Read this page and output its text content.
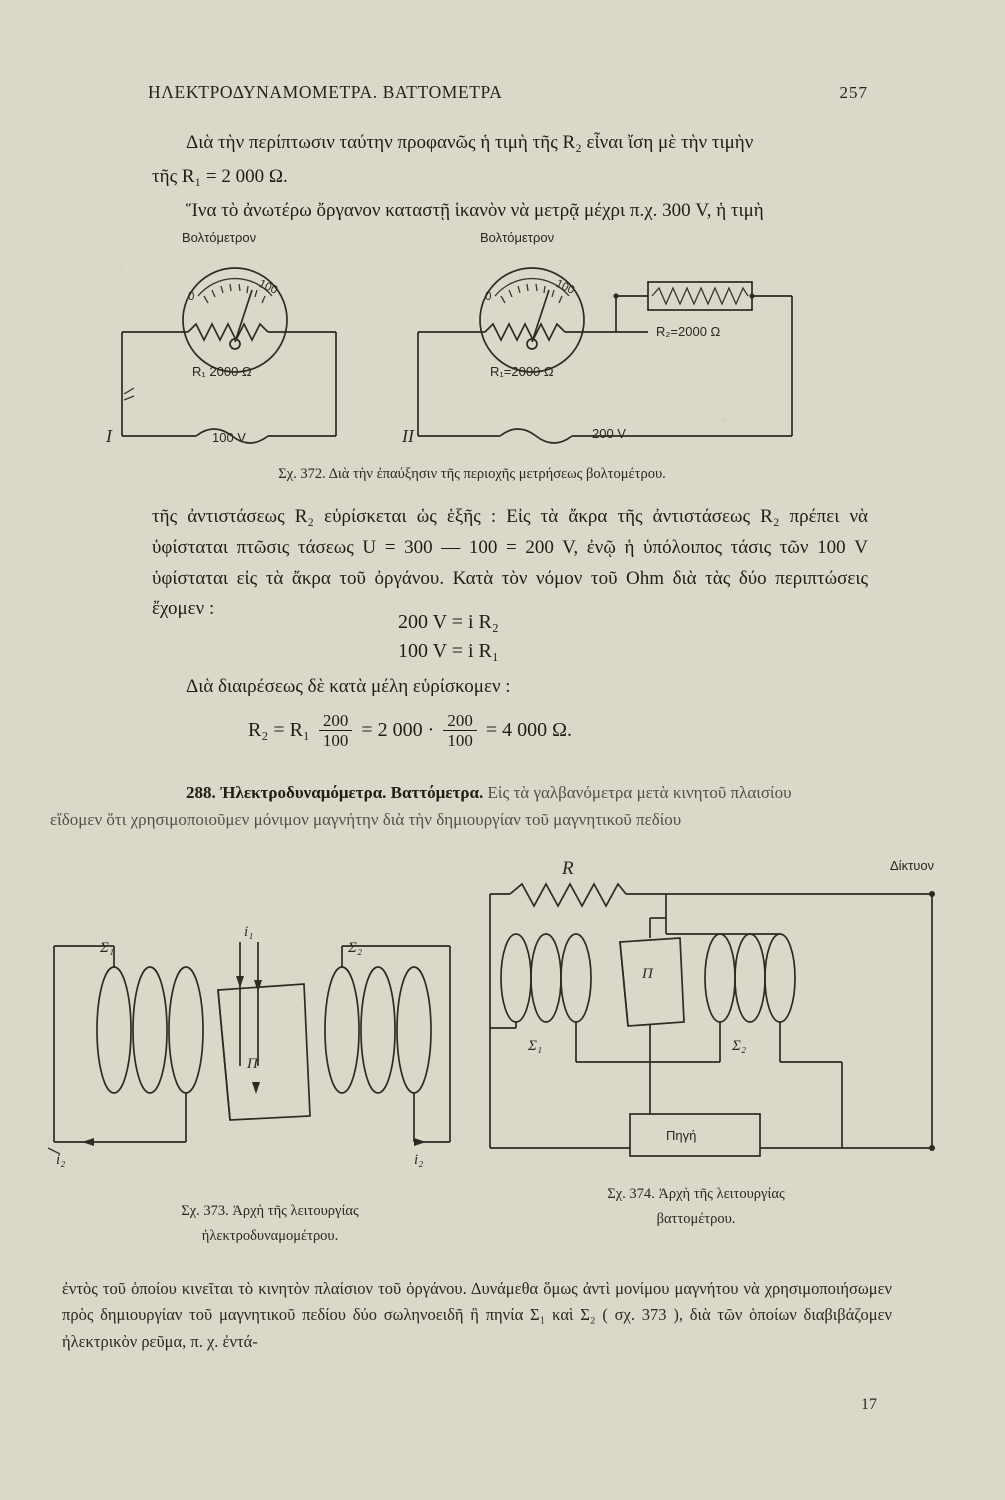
ΗΛΕΚΤΡΟΔΥΝΑΜΟΜΕΤΡΑ. ΒΑΤΤΟΜΕΤΡΑ	257
Διὰ τὴν περίπτωσιν ταύτην προφανῶς ἡ τιμὴ τῆς R₂ εἶναι ἴση μὲ τὴν τιμὴν
τῆς R₁ = 2 000 Ω.
Ἵνα τὸ ἀνωτέρω ὄργανον καταστῇ ἱκανὸν νὰ μετρᾷ μέχρι π.χ. 300 V, ἡ τιμὴ
Βολτόμετρον
0
100
R₁ 2000 Ω
100 V
Ι
Βολτόμετρον
0
100
R₂=2000 Ω
R₁=2000 Ω
200 V
ΙΙ
Σχ. 372. Διὰ τὴν ἐπαύξησιν τῆς περιοχῆς μετρήσεως βολτομέτρου.
τῆς ἀντιστάσεως R₂ εὑρίσκεται ὡς ἑξῆς : Εἰς τὰ ἄκρα τῆς ἀντιστάσεως R₂ πρέπει νὰ ὑφίσταται πτῶσις τάσεως U = 300 — 100 = 200 V, ἐνῷ ἡ ὑπόλοιπος τάσις τῶν 100 V ὑφίσταται εἰς τὰ ἄκρα τοῦ ὀργάνου. Κατὰ τὸν νόμον τοῦ Ohm διὰ τὰς δύο περιπτώσεις ἔχομεν :
200 V = i R₂
100 V = i R₁
Διὰ διαιρέσεως δὲ κατὰ μέλη εὑρίσκομεν :
$R_2 = R_1 \frac{200}{100} = 2$ $000 \cdot \frac{200}{100} = 4$ 000 Ω.
288. Ἠλεκτροδυναμόμετρα. Βαττόμετρα. Εἰς τὰ γαλβανόμετρα μετὰ κινητοῦ πλαισίου
εἴδομεν ὅτι χρησιμοποιοῦμεν μόνιμον μαγνήτην διὰ τὴν δημιουργίαν τοῦ μαγνητικοῦ πεδίου
Σ₁	Σ₂
Π
i₁
i₂	i₂
R	Δίκτυον
Σ₁	Σ₂
Π
Πηγή
Σχ. 373. Ἀρχὴ τῆς λειτουργίας
ἠλεκτροδυναμομέτρου.
Σχ. 374. Ἀρχὴ τῆς λειτουργίας
βαττομέτρου.
ἐντὸς τοῦ ὁποίου κινεῖται τὸ κινητὸν πλαίσιον τοῦ ὀργάνου. Δυνάμεθα ὅμως ἀντὶ μονίμου μαγνήτου νὰ χρησιμοποιήσωμεν πρὸς δημιουργίαν τοῦ μαγνητικοῦ πεδίου δύο σωληνοειδῆ ἢ πηνία Σ₁ καὶ Σ₂ ( σχ. 373 ), διὰ τῶν ὁποίων διαβιβάζομεν ἠλεκτρικὸν ρεῦμα, π. χ. ἐντά-
17
